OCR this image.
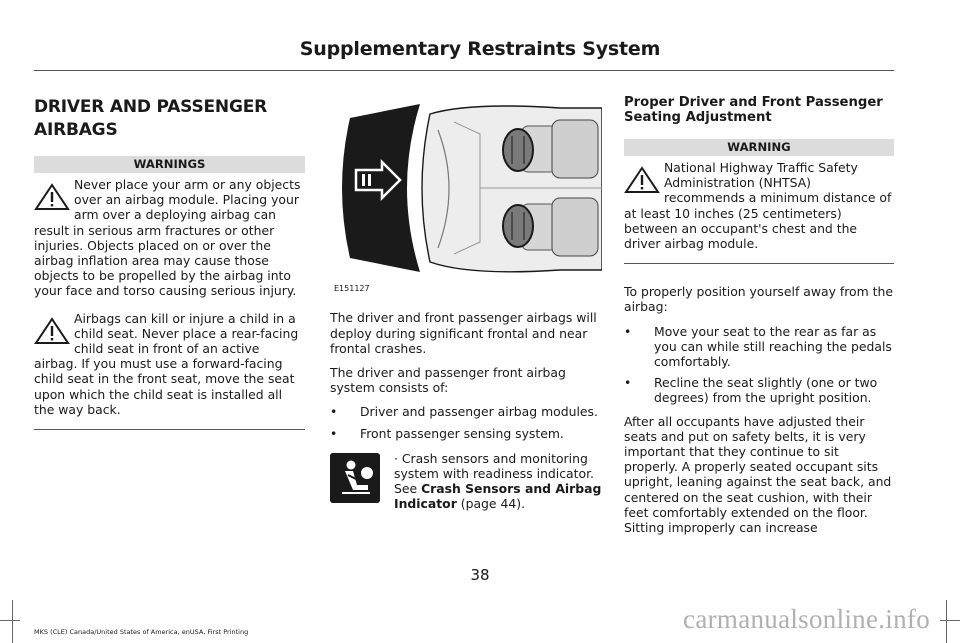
Supplementary Restraints System
DRIVER AND PASSENGER
AIRBAGS
WARNINGS
Never place your arm or any objects over an airbag module. Placing your arm over a deploying airbag can result in serious arm fractures or other injuries. Objects placed on or over the airbag inflation area may cause those objects to be propelled by the airbag into your face and torso causing serious injury.
Airbags can kill or injure a child in a child seat. Never place a rear-facing child seat in front of an active airbag. If you must use a forward-facing child seat in the front seat, move the seat upon which the child seat is installed all the way back.
E151127

The driver and front passenger airbags will deploy during significant frontal and near frontal crashes.

The driver and passenger front airbag system consists of:

• Driver and passenger airbag modules.
• Front passenger sensing system.
· Crash sensors and monitoring system with readiness indicator. See Crash Sensors and Airbag Indicator (page 44).
Proper Driver and Front Passenger Seating Adjustment
WARNING
National Highway Traffic Safety Administration (NHTSA) recommends a minimum distance of at least 10 inches (25 centimeters) between an occupant's chest and the driver airbag module.

To properly position yourself away from the airbag:

• Move your seat to the rear as far as you can while still reaching the pedals comfortably.
• Recline the seat slightly (one or two degrees) from the upright position.

After all occupants have adjusted their seats and put on safety belts, it is very important that they continue to sit properly. A properly seated occupant sits upright, leaning against the seat back, and centered on the seat cushion, with their feet comfortably extended on the floor. Sitting improperly can increase

38
MKS (CLE) Canada/United States of America, enUSA, First Printing	carmanualsonline.info
